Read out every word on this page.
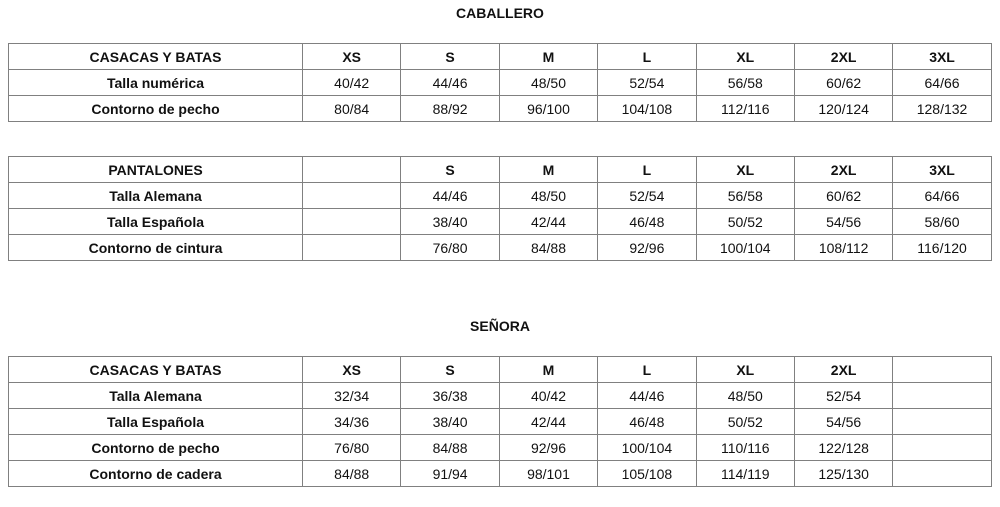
CABALLERO
CASACAS Y BATAS	XS	S	M	L	XL	2XL	3XL
Talla numérica	40/42	44/46	48/50	52/54	56/58	60/62	64/66
Contorno de pecho	80/84	88/92	96/100	104/108	112/116	120/124	128/132
PANTALONES		S	M	L	XL	2XL	3XL
Talla Alemana		44/46	48/50	52/54	56/58	60/62	64/66
Talla Española		38/40	42/44	46/48	50/52	54/56	58/60
Contorno de cintura		76/80	84/88	92/96	100/104	108/112	116/120
SEÑORA
CASACAS Y BATAS	XS	S	M	L	XL	2XL	
Talla Alemana	32/34	36/38	40/42	44/46	48/50	52/54	
Talla Española	34/36	38/40	42/44	46/48	50/52	54/56	
Contorno de pecho	76/80	84/88	92/96	100/104	110/116	122/128	
Contorno de cadera	84/88	91/94	98/101	105/108	114/119	125/130	
